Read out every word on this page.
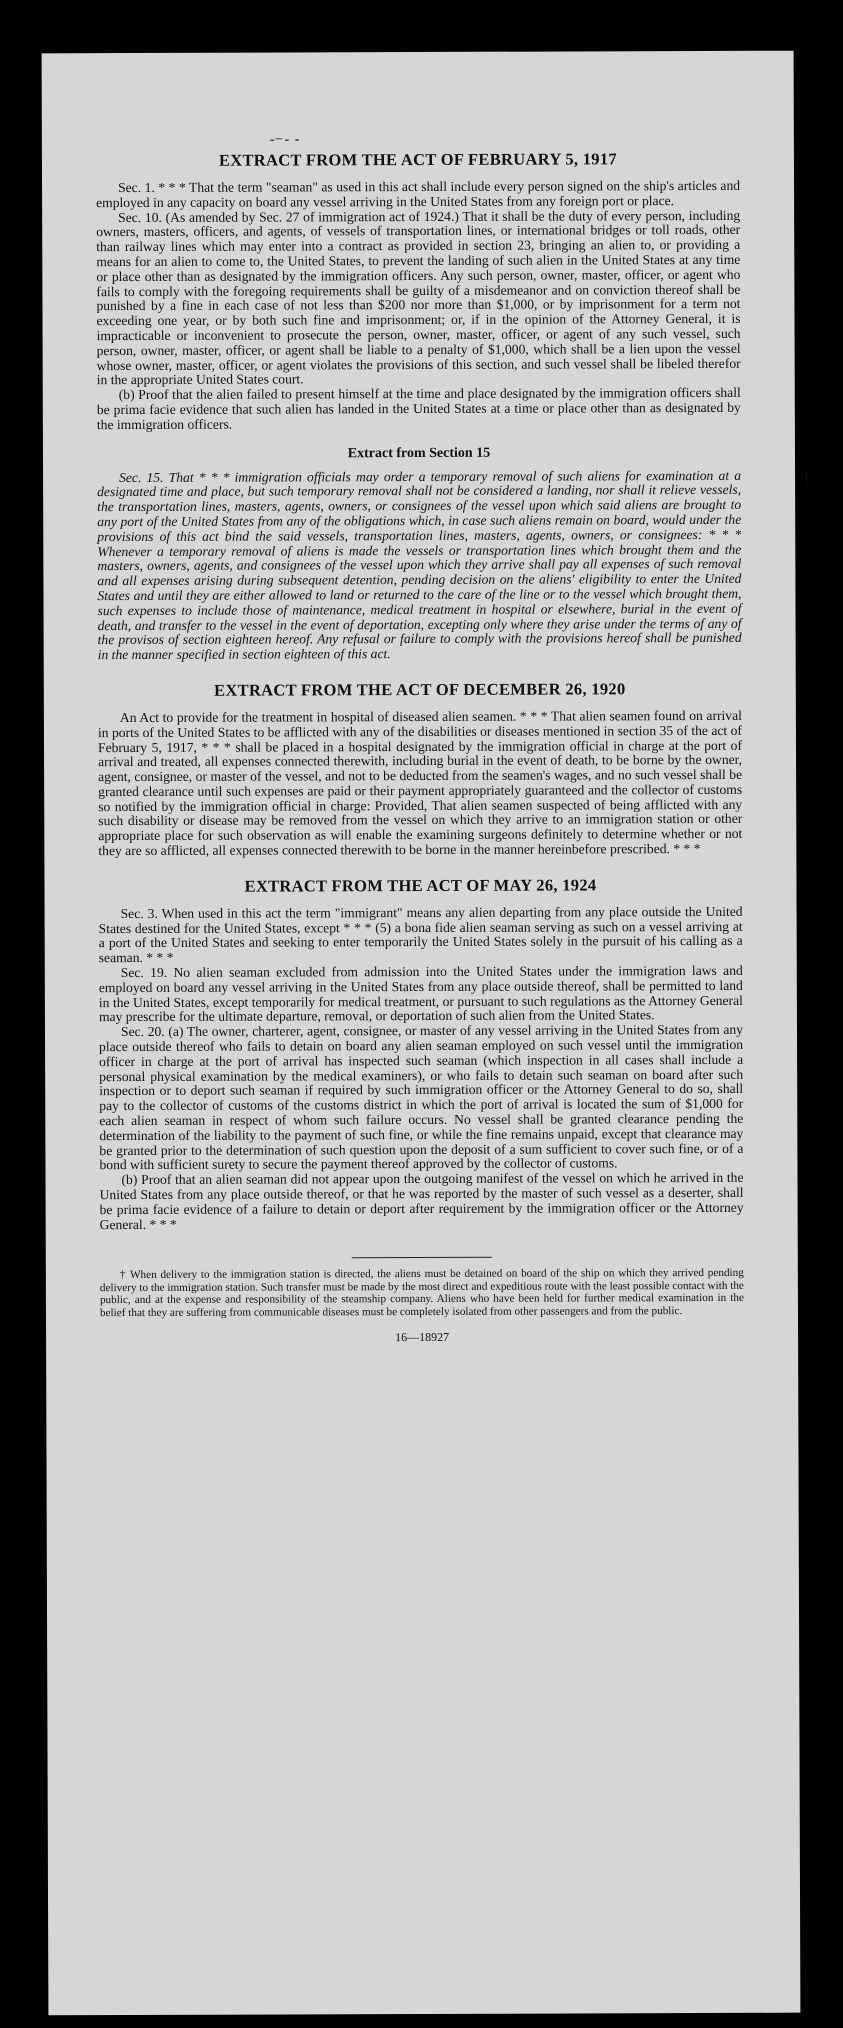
- ̶ - -
!
EXTRACT FROM THE ACT OF FEBRUARY 5, 1917

Sec. 1. * * * That the term "seaman" as used in this act shall include every person signed on the ship's articles and employed in any capacity on board any vessel arriving in the United States from any foreign port or place.

Sec. 10. (As amended by Sec. 27 of immigration act of 1924.) That it shall be the duty of every person, including owners, masters, officers, and agents, of vessels of transportation lines, or international bridges or toll roads, other than railway lines which may enter into a contract as provided in section 23, bringing an alien to, or providing a means for an alien to come to, the United States, to prevent the landing of such alien in the United States at any time or place other than as designated by the immigration officers. Any such person, owner, master, officer, or agent who fails to comply with the foregoing requirements shall be guilty of a misdemeanor and on conviction thereof shall be punished by a fine in each case of not less than $200 nor more than $1,000, or by imprisonment for a term not exceeding one year, or by both such fine and imprisonment; or, if in the opinion of the Attorney General, it is impracticable or inconvenient to prosecute the person, owner, master, officer, or agent of any such vessel, such person, owner, master, officer, or agent shall be liable to a penalty of $1,000, which shall be a lien upon the vessel whose owner, master, officer, or agent violates the provisions of this section, and such vessel shall be libeled therefor in the appropriate United States court.

(b) Proof that the alien failed to present himself at the time and place designated by the immigration officers shall be prima facie evidence that such alien has landed in the United States at a time or place other than as designated by the immigration officers.

Extract from Section 15

Sec. 15. That * * * immigration officials may order a temporary removal of such aliens for examination at a designated time and place, but such temporary removal shall not be considered a landing, nor shall it relieve vessels, the transportation lines, masters, agents, owners, or consignees of the vessel upon which said aliens are brought to any port of the United States from any of the obligations which, in case such aliens remain on board, would under the provisions of this act bind the said vessels, transportation lines, masters, agents, owners, or consignees: * * * Whenever a temporary removal of aliens is made the vessels or transportation lines which brought them and the masters, owners, agents, and consignees of the vessel upon which they arrive shall pay all expenses of such removal and all expenses arising during subsequent detention, pending decision on the aliens' eligibility to enter the United States and until they are either allowed to land or returned to the care of the line or to the vessel which brought them, such expenses to include those of maintenance, medical treatment in hospital or elsewhere, burial in the event of death, and transfer to the vessel in the event of deportation, excepting only where they arise under the terms of any of the provisos of section eighteen hereof. Any refusal or failure to comply with the provisions hereof shall be punished in the manner specified in section eighteen of this act.

EXTRACT FROM THE ACT OF DECEMBER 26, 1920

An Act to provide for the treatment in hospital of diseased alien seamen. * * * That alien seamen found on arrival in ports of the United States to be afflicted with any of the disabilities or diseases mentioned in section 35 of the act of February 5, 1917, * * * shall be placed in a hospital designated by the immigration official in charge at the port of arrival and treated, all expenses connected therewith, including burial in the event of death, to be borne by the owner, agent, consignee, or master of the vessel, and not to be deducted from the seamen's wages, and no such vessel shall be granted clearance until such expenses are paid or their payment appropriately guaranteed and the collector of customs so notified by the immigration official in charge: Provided, That alien seamen suspected of being afflicted with any such disability or disease may be removed from the vessel on which they arrive to an immigration station or other appropriate place for such observation as will enable the examining surgeons definitely to determine whether or not they are so afflicted, all expenses connected therewith to be borne in the manner hereinbefore prescribed. * * *

EXTRACT FROM THE ACT OF MAY 26, 1924

Sec. 3. When used in this act the term "immigrant" means any alien departing from any place outside the United States destined for the United States, except * * * (5) a bona fide alien seaman serving as such on a vessel arriving at a port of the United States and seeking to enter temporarily the United States solely in the pursuit of his calling as a seaman. * * *

Sec. 19. No alien seaman excluded from admission into the United States under the immigration laws and employed on board any vessel arriving in the United States from any place outside thereof, shall be permitted to land in the United States, except temporarily for medical treatment, or pursuant to such regulations as the Attorney General may prescribe for the ultimate departure, removal, or deportation of such alien from the United States.

Sec. 20. (a) The owner, charterer, agent, consignee, or master of any vessel arriving in the United States from any place outside thereof who fails to detain on board any alien seaman employed on such vessel until the immigration officer in charge at the port of arrival has inspected such seaman (which inspection in all cases shall include a personal physical examination by the medical examiners), or who fails to detain such seaman on board after such inspection or to deport such seaman if required by such immigration officer or the Attorney General to do so, shall pay to the collector of customs of the customs district in which the port of arrival is located the sum of $1,000 for each alien seaman in respect of whom such failure occurs. No vessel shall be granted clearance pending the determination of the liability to the payment of such fine, or while the fine remains unpaid, except that clearance may be granted prior to the determination of such question upon the deposit of a sum sufficient to cover such fine, or of a bond with sufficient surety to secure the payment thereof approved by the collector of customs.

(b) Proof that an alien seaman did not appear upon the outgoing manifest of the vessel on which he arrived in the United States from any place outside thereof, or that he was reported by the master of such vessel as a deserter, shall be prima facie evidence of a failure to detain or deport after requirement by the immigration officer or the Attorney General. * * *

† When delivery to the immigration station is directed, the aliens must be detained on board of the ship on which they arrived pending delivery to the immigration station. Such transfer must be made by the most direct and expeditious route with the least possible contact with the public, and at the expense and responsibility of the steamship company. Aliens who have been held for further medical examination in the belief that they are suffering from communicable diseases must be completely isolated from other passengers and from the public.

16—18927
